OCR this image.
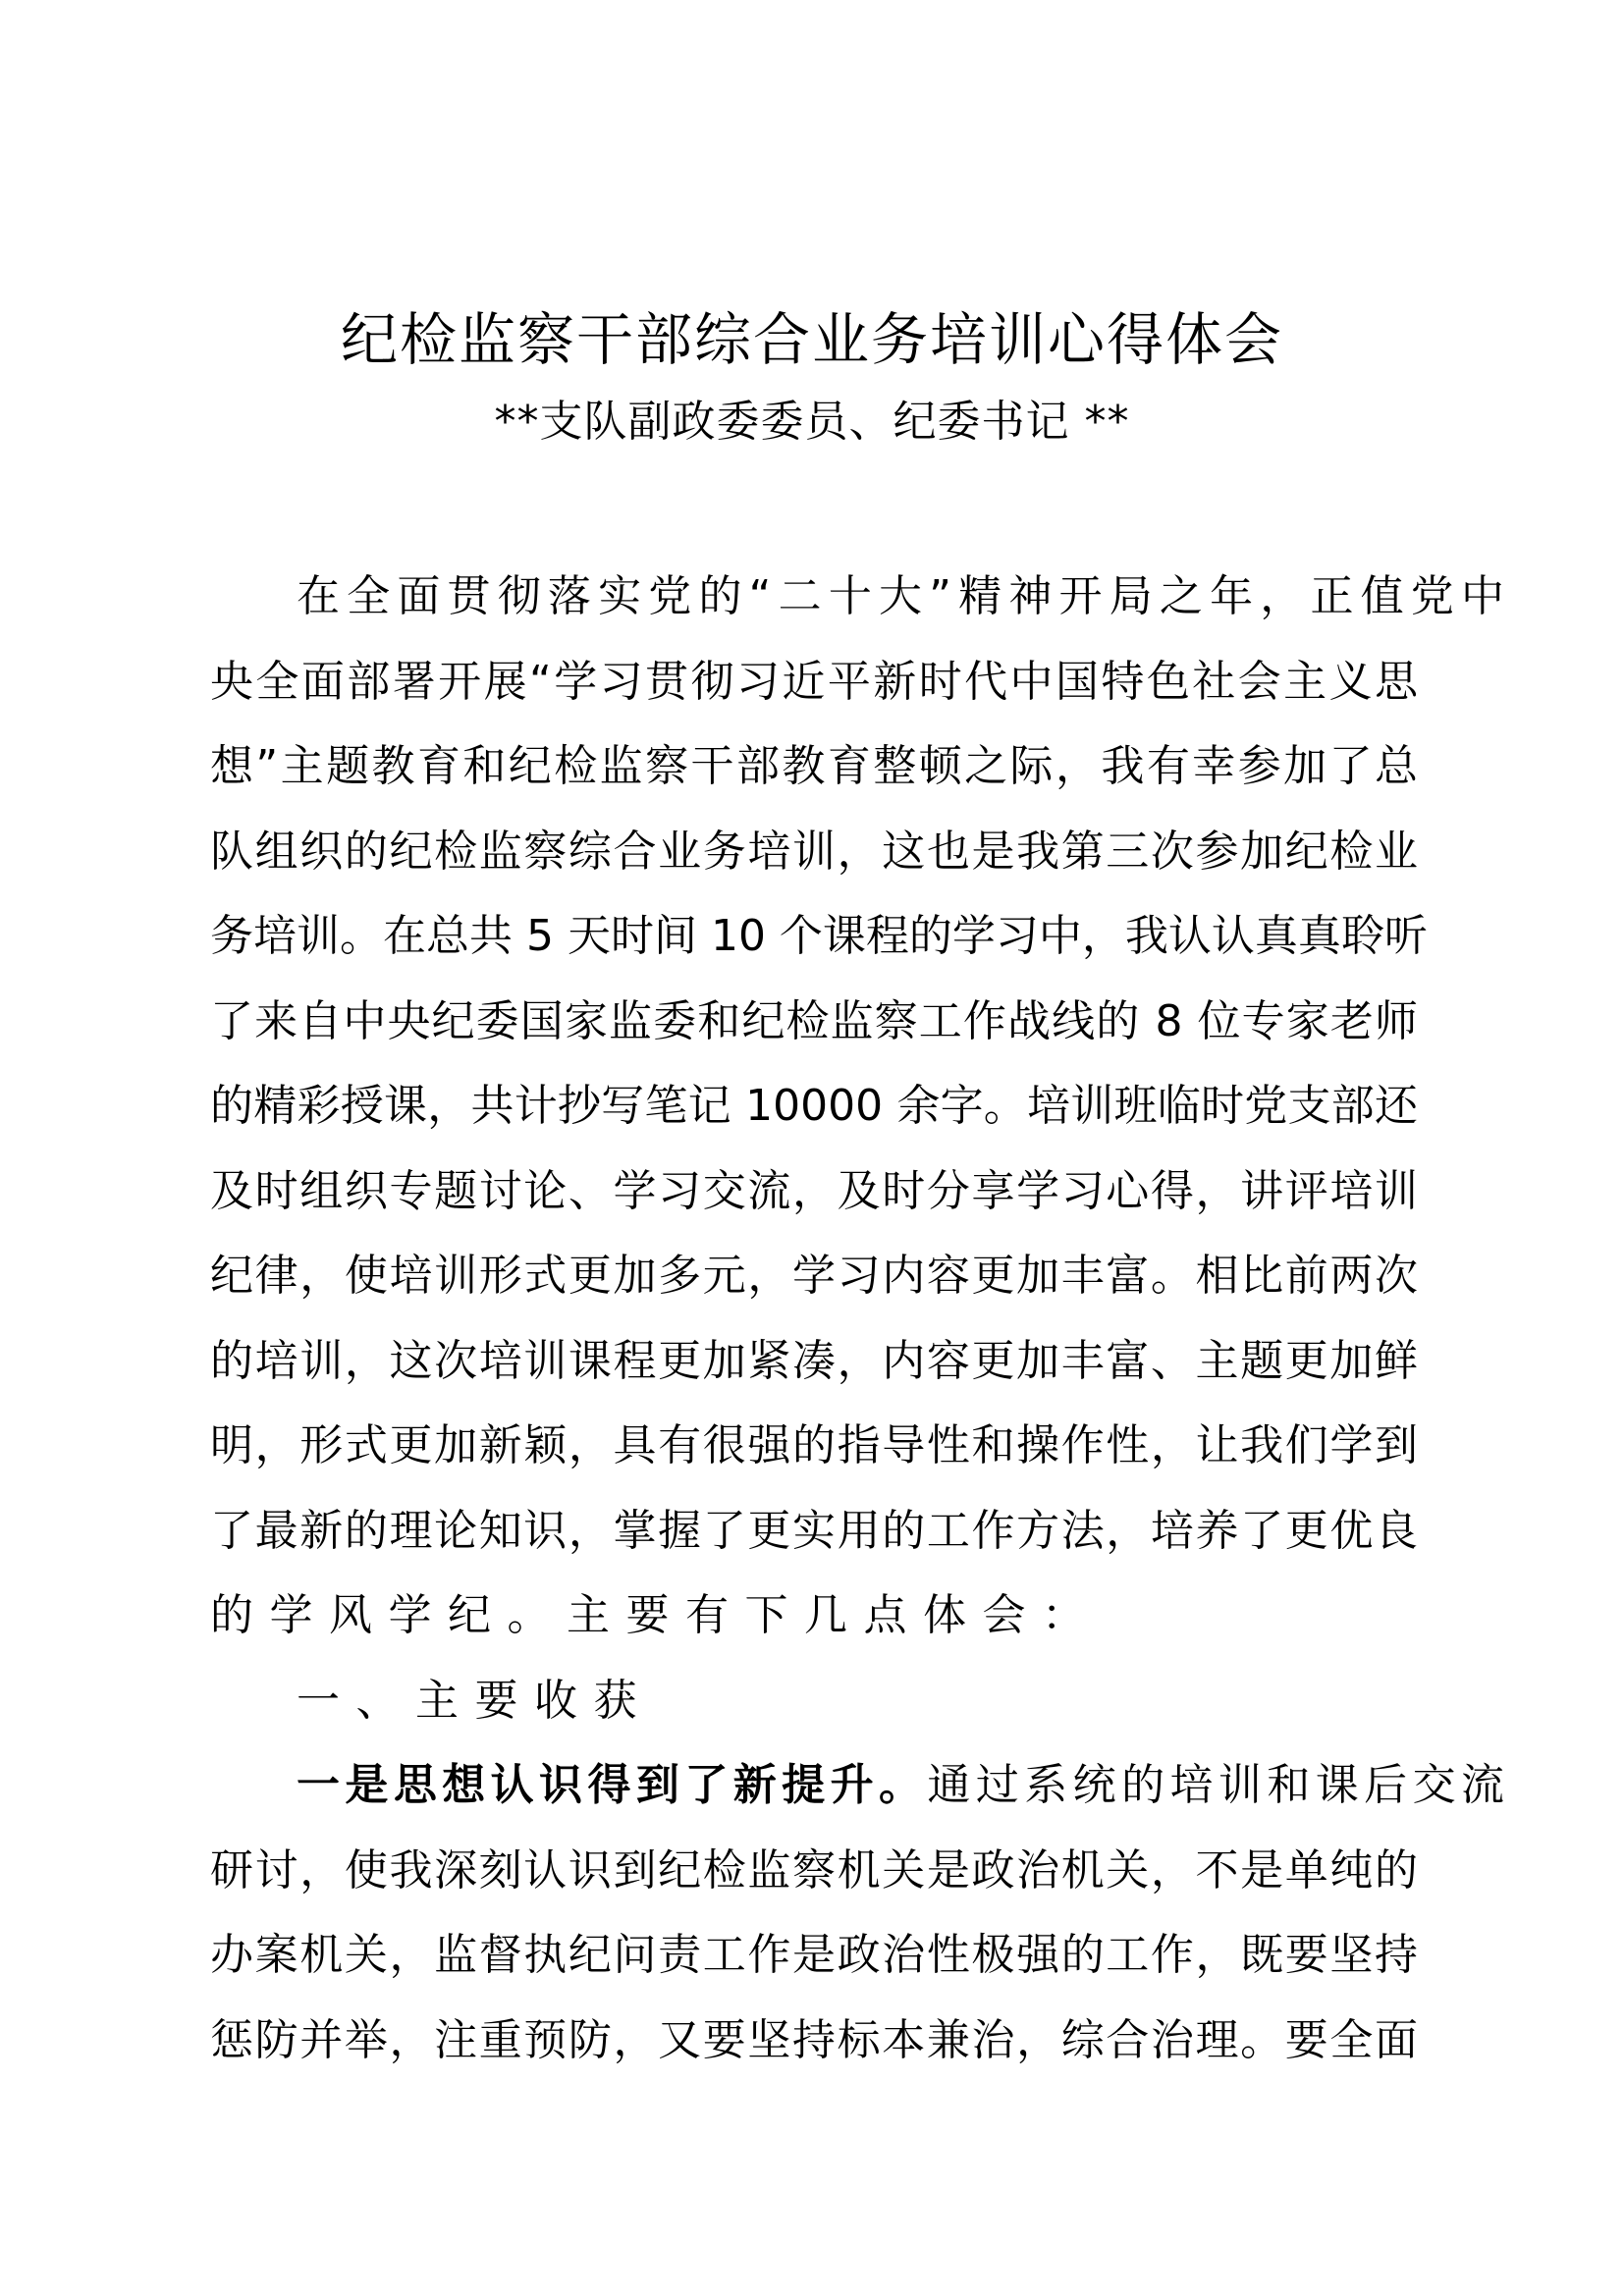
纪检监察干部综合业务培训心得体会

**支队副政委委员、纪委书记 **

在全面贯彻落实党的“二十大”精神开局之年，正值党中
央全面部署开展“学习贯彻习近平新时代中国特色社会主义思
想”主题教育和纪检监察干部教育整顿之际，我有幸参加了总
队组织的纪检监察综合业务培训，这也是我第三次参加纪检业
务培训。在总共 5 天时间 10 个课程的学习中，我认认真真聆听
了来自中央纪委国家监委和纪检监察工作战线的 8 位专家老师
的精彩授课，共计抄写笔记 10000 余字。培训班临时党支部还
及时组织专题讨论、学习交流，及时分享学习心得，讲评培训
纪律，使培训形式更加多元，学习内容更加丰富。相比前两次
的培训，这次培训课程更加紧凑，内容更加丰富、主题更加鲜
明，形式更加新颖，具有很强的指导性和操作性，让我们学到
了最新的理论知识，掌握了更实用的工作方法，培养了更优良
的学风学纪。主要有下几点体会：
一、主要收获
一是思想认识得到了新提升。通过系统的培训和课后交流
研讨，使我深刻认识到纪检监察机关是政治机关，不是单纯的
办案机关，监督执纪问责工作是政治性极强的工作，既要坚持
惩防并举，注重预防，又要坚持标本兼治，综合治理。要全面
